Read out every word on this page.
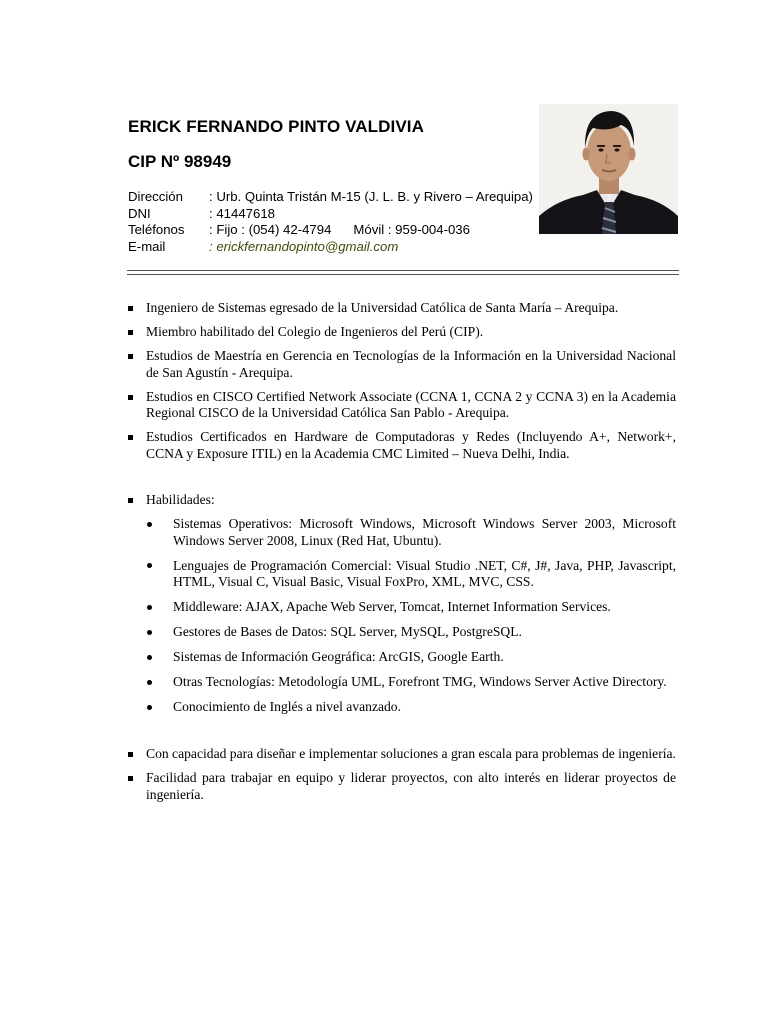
ERICK FERNANDO PINTO VALDIVIA
CIP Nº 98949
Dirección	: Urb. Quinta Tristán M-15 (J. L. B. y Rivero – Arequipa)
DNI	: 41447618
Teléfonos	: Fijo : (054) 42-4794 Móvil : 959-004-036
E-mail	: erickfernandopinto@gmail.com
Ingeniero de Sistemas egresado de la Universidad Católica de Santa María – Arequipa.
Miembro habilitado del Colegio de Ingenieros del Perú (CIP).
Estudios de Maestría en Gerencia en Tecnologías de la Información en la Universidad Nacional de San Agustín - Arequipa.
Estudios en CISCO Certified Network Associate (CCNA 1, CCNA 2 y CCNA 3) en la Academia Regional CISCO de la Universidad Católica San Pablo - Arequipa.
Estudios Certificados en Hardware de Computadoras y Redes (Incluyendo A+, Network+, CCNA y Exposure ITIL) en la Academia CMC Limited – Nueva Delhi, India.
Habilidades:
Sistemas Operativos: Microsoft Windows, Microsoft Windows Server 2003, Microsoft Windows Server 2008, Linux (Red Hat, Ubuntu).
Lenguajes de Programación Comercial: Visual Studio .NET, C#, J#, Java, PHP, Javascript, HTML, Visual C, Visual Basic, Visual FoxPro, XML, MVC, CSS.
Middleware: AJAX, Apache Web Server, Tomcat, Internet Information Services.
Gestores de Bases de Datos: SQL Server, MySQL, PostgreSQL.
Sistemas de Información Geográfica: ArcGIS, Google Earth.
Otras Tecnologías: Metodología UML, Forefront TMG, Windows Server Active Directory.
Conocimiento de Inglés a nivel avanzado.
Con capacidad para diseñar e implementar soluciones a gran escala para problemas de ingeniería.
Facilidad para trabajar en equipo y liderar proyectos, con alto interés en liderar proyectos de ingeniería.
